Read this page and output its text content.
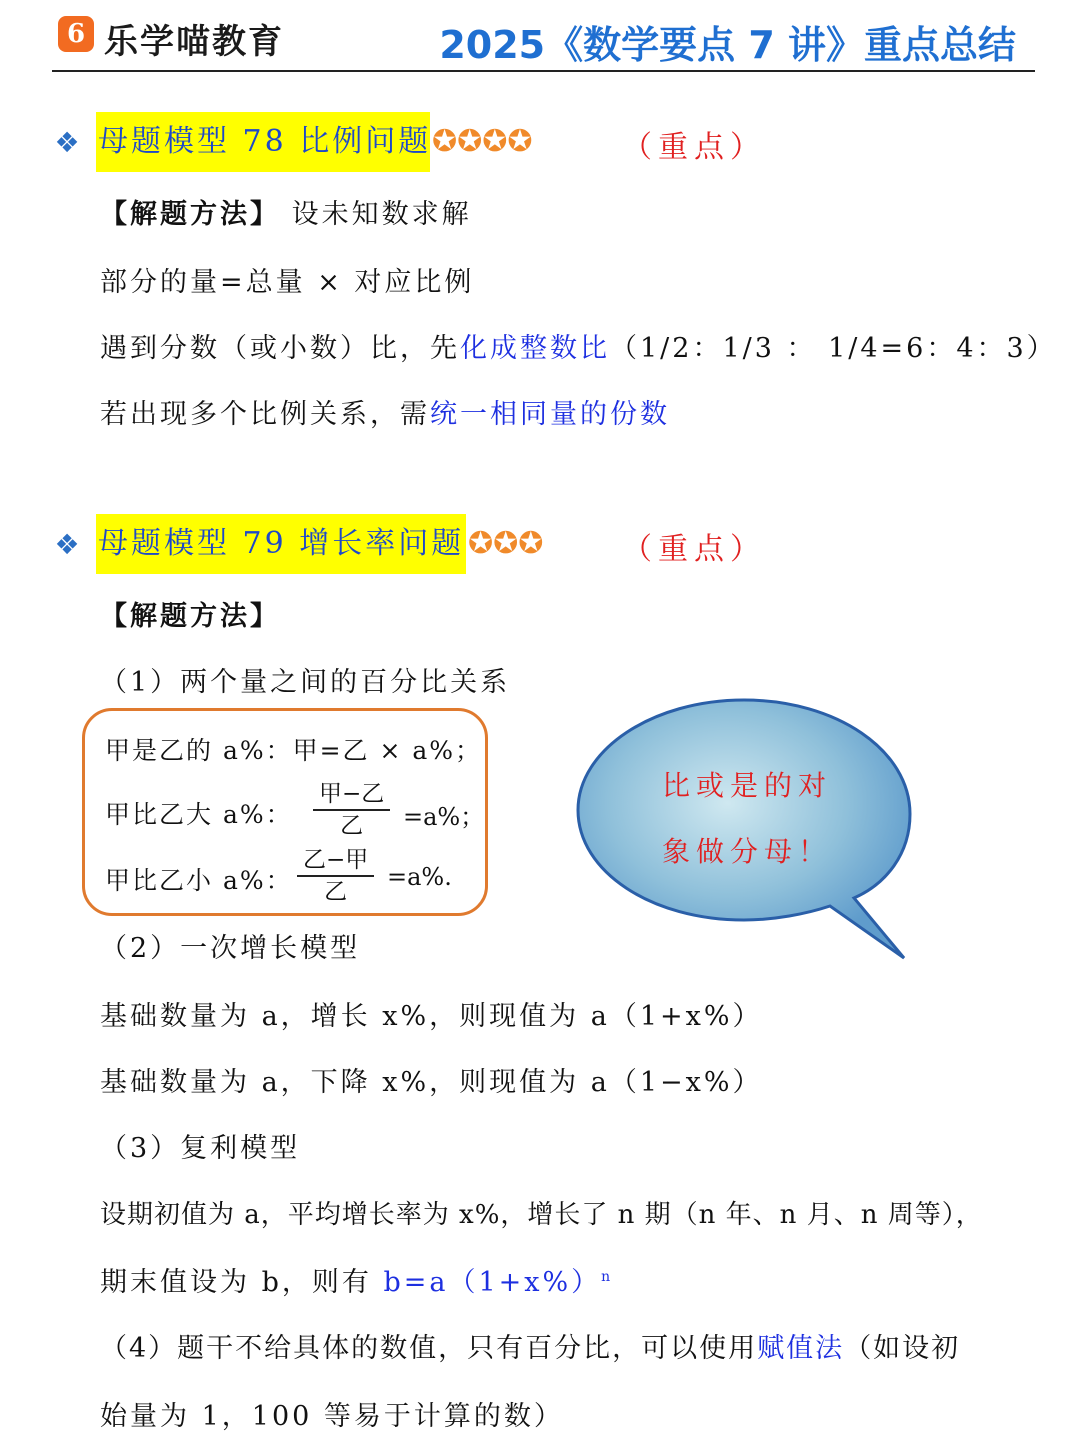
6 乐学喵教育	2025《数学要点 7 讲》重点总结
❖ 母题模型 78 比例问题 ✪✪✪✪	（重点）
【解题方法】 设未知数求解
部分的量=总量 × 对应比例
遇到分数（或小数）比，先化成整数比（1/2：1/3 ： 1/4=6：4：3）
若出现多个比例关系，需统一相同量的份数
❖ 母题模型 79 增长率问题 ✪✪✪	（重点）
【解题方法】
（1）两个量之间的百分比关系
甲是乙的 a%：甲=乙 × a%；
甲比乙大 a%：
甲−乙
乙	=a%；
甲比乙小 a%：
乙−甲
乙
=a%.
比或是的对
象做分母！
（2）一次增长模型
基础数量为 a，增长 x%，则现值为 a（1+x%）
基础数量为 a，下降 x%，则现值为 a（1−x%）
（3）复利模型
设期初值为 a，平均增长率为 x%，增长了 n 期（n 年、n 月、n 周等），
期末值设为 b，则有 $b=a(1+x\%)^n$
（4）题干不给具体的数值，只有百分比，可以使用赋值法（如设初
始量为 1，100 等易于计算的数）
